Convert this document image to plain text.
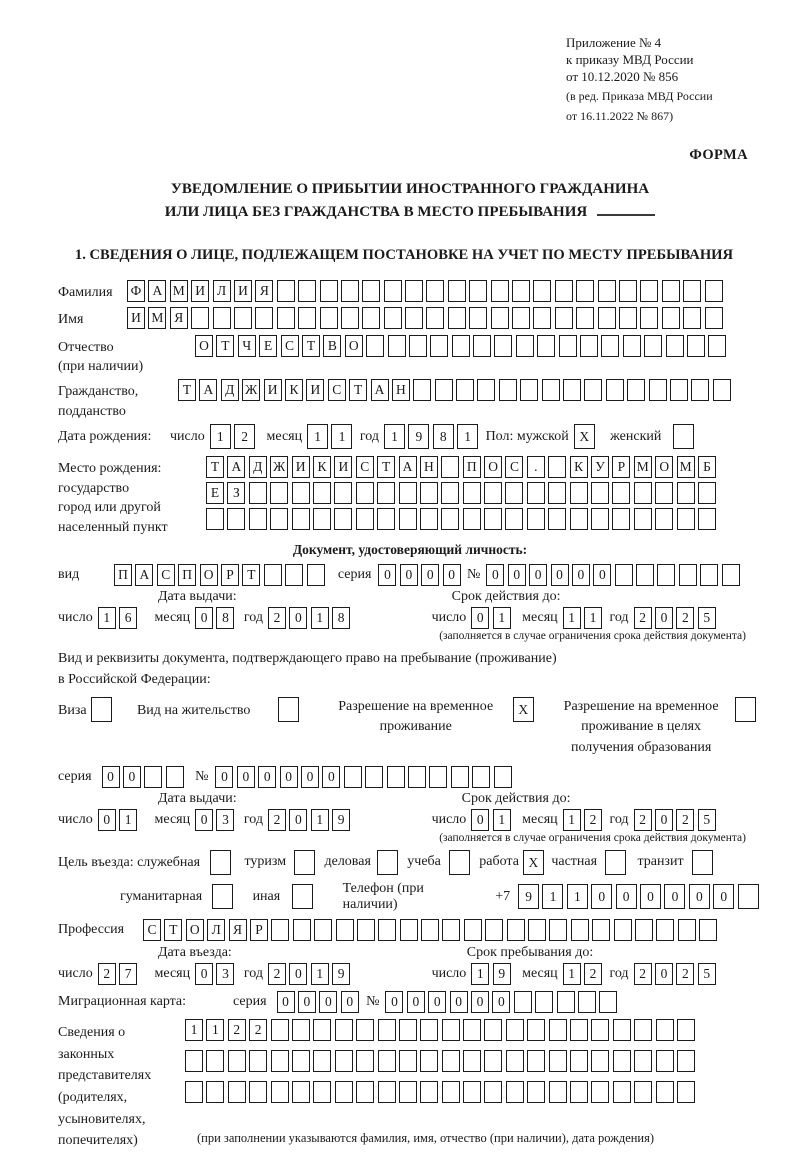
Приложение № 4
к приказу МВД России
от 10.12.2020 № 856
(в ред. Приказа МВД России
от 16.11.2022 № 867)
ФОРМА
УВЕДОМЛЕНИЕ О ПРИБЫТИИ ИНОСТРАННОГО ГРАЖДАНИНА
ИЛИ ЛИЦА БЕЗ ГРАЖДАНСТВА В МЕСТО ПРЕБЫВАНИЯ
1. СВЕДЕНИЯ О ЛИЦЕ, ПОДЛЕЖАЩЕМ ПОСТАНОВКЕ НА УЧЕТ ПО МЕСТУ ПРЕБЫВАНИЯ
Фамилия	Ф А М И Л И Я
Имя	И М Я
Отчество
(при наличии)
О Т Ч Е С Т В О
Гражданство,
подданство
Т А Д Ж И К И С Т А Н
Дата рождения:	число 1	2	месяц 1	1	год 1	9	8	1	Пол: мужской X	женский
Место рождения:
государство
город или другой
населенный пункт
Т А Д Ж И К И С Т А Н	П О С	.	К У Р М О М Б
Е	З
Документ, удостоверяющий личность:
вид	П А С П О Р	Т	серия 0	0	0	0 № 0	0	0	0	0	0
Дата выдачи:	Срок действия до:
число 1	6	месяц 0	8	год 2	0	1	8	число 0	1	месяц 1	1 год 2	0	2	5
(заполняется в случае ограничения срока действия документа)
Вид и реквизиты документа, подтверждающего право на пребывание (проживание)
в Российской Федерации:
Виза	Вид на жительство	Разрешение на временное
проживание
X	Разрешение на временное
проживание в целях
получения образования
серия	0	0	№ 0	0	0	0	0	0
Дата выдачи:	Срок действия до:
число 0	1	месяц 0	3	год 2	0	1	9	число 0	1	месяц 1	2 год 2	0	2	5
(заполняется в случае ограничения срока действия документа)
Цель въезда: служебная	туризм	деловая	учеба	работа X частная	транзит
гуманитарная	иная
Телефон (при наличии)
+7	9	1	1	0	0	0	0	0	0
Профессия	С Т О Л Я Р
Дата въезда:	Срок пребывания до:
число 2	7	месяц 0	3	год 2	0	1	9	число 1	9	месяц 1	2 год 2	0	2	5
Миграционная карта:	серия	0	0	0	0 № 0	0	0	0	0	0
Сведения о
законных
представителях
(родителях,
усыновителях,
попечителях)
1	1	2	2
(при заполнении указываются фамилия, имя, отчество (при наличии), дата рождения)
